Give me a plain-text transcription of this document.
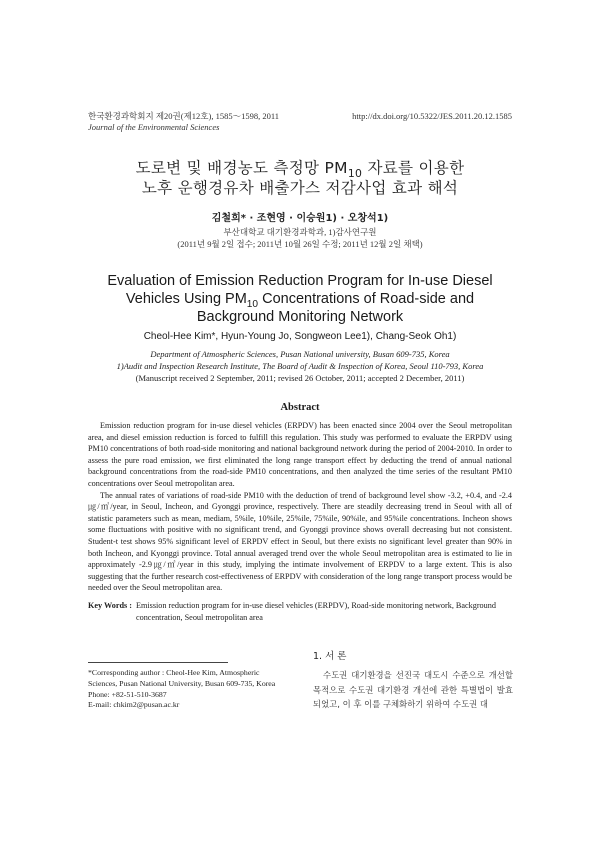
한국환경과학회지 제20권(제12호), 1585～1598, 2011
Journal of the Environmental Sciences
http://dx.doi.org/10.5322/JES.2011.20.12.1585
도로변 및 배경농도 측정망 $PM_{10}$ 자료를 이용한
노후 운행경유차 배출가스 저감사업 효과 해석
김철희* · 조현영 · 이승원1) · 오창석1)
부산대학교 대기환경과학과, 1)감사연구원
(2011년 9월 2일 접수; 2011년 10월 26일 수정; 2011년 12월 2일 채택)
Evaluation of Emission Reduction Program for In-use Diesel
Vehicles Using $PM_{10}$ Concentrations of Road-side and
Background Monitoring Network
Cheol-Hee Kim*, Hyun-Young Jo, Songweon Lee1), Chang-Seok Oh1)
Department of Atmospheric Sciences, Pusan National university, Busan 609-735, Korea
1)Audit and Inspection Research Institute, The Board of Audit & Inspection of Korea, Seoul 110-793, Korea
(Manuscript received 2 September, 2011; revised 26 October, 2011; accepted 2 December, 2011)
Abstract

Emission reduction program for in-use diesel vehicles (ERPDV) has been enacted since 2004 over the Seoul metropolitan area, and diesel emission reduction is forced to fulfill this regulation. This study was performed to evaluate the ERPDV using PM10 concentrations of both road-side monitoring and national background network during the period of 2004-2010. In order to assess the pure road emission, we first eliminated the long range transport effect by deducting the trend of annual national background concentrations from the road-side PM10 concentrations, and then analyzed the time series of the resultant PM10 concentrations over Seoul metropolitan area.

The annual rates of variations of road-side PM10 with the deduction of trend of background level show -3.2, +0.4, and -2.4 ㎍/㎥/year, in Seoul, Incheon, and Gyonggi province, respectively. There are steadily decreasing trend in Seoul with all of statistic parameters such as mean, mediam, 5%ile, 10%ile, 25%ile, 75%ile, 90%ile, and 95%ile concentrations. Incheon shows some fluctuations with positive with no significant trend, and Gyonggi province shows overall decreasing but not consistent. Student-t test shows 95% significant level of ERPDV effect in Seoul, but there exists no significant level greater than 90% in both Incheon, and Kyonggi province. Total annual averaged trend over the whole Seoul metropolitan area is estimated to lie in approximately -2.9㎍/㎥/year in this study, implying the intimate involvement of ERPDV to a large extent. This is also suggesting that the further research cost-effectiveness of ERPDV with consideration of the long range transport process would be needed over the Seoul metropolitan area.

Key Words : Emission reduction program for in-use diesel vehicles (ERPDV), Road-side monitoring network, Background concentration, Seoul metropolitan area
*Corresponding author : Cheol-Hee Kim, Atmospheric
Sciences, Pusan National University, Busan 609-735, Korea
Phone: +82-51-510-3687
E-mail: chkim2@pusan.ac.kr
1. 서 론
수도권 대기환경을 선진국 대도시 수준으로 개선할 목적으로 수도권 대기환경 개선에 관한 특별법이 발효되었고, 이 후 이를 구체화하기 위하여 수도권 대
